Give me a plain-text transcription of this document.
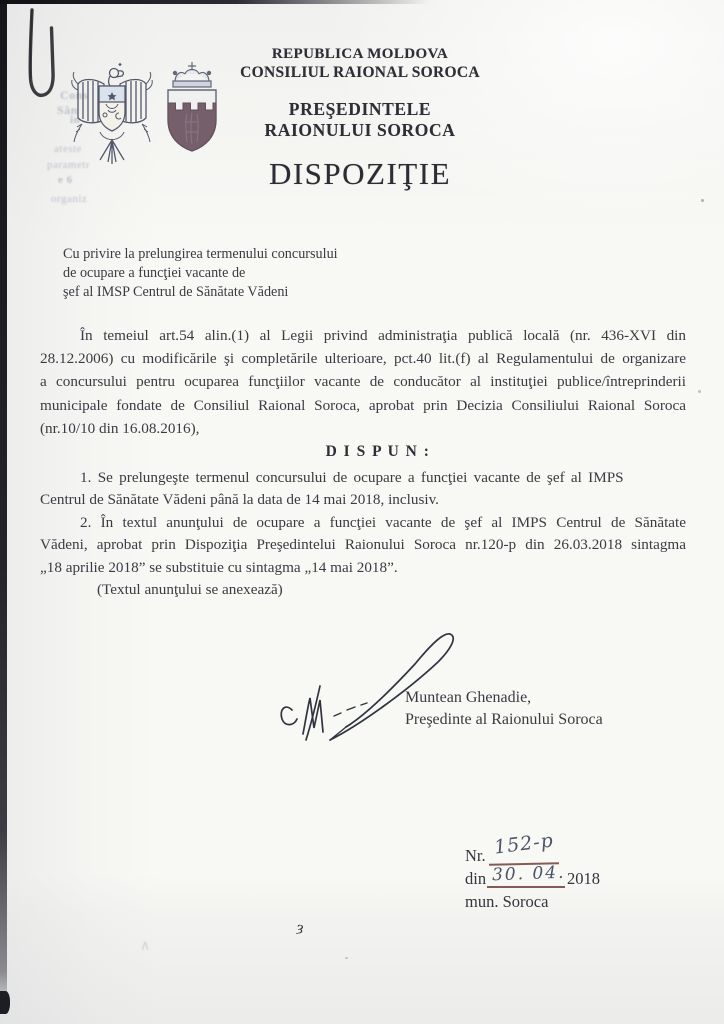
Cons
Săn
în
ateste
parametr
e 6
organiz
REPUBLICA MOLDOVA
CONSILIUL RAIONAL SOROCA
PREŞEDINTELE
RAIONULUI SOROCA
DISPOZIŢIE
Cu privire la prelungirea termenului concursului
de ocupare a funcţiei vacante de
şef al IMSP Centrul de Sănătate Vădeni
În temeiul art.54 alin.(1) al Legii privind administraţia publică locală (nr. 436-XVI din
28.12.2006) cu modificările şi completările ulterioare, pct.40 lit.(f) al Regulamentului de organizare
a concursului pentru ocuparea funcţiilor vacante de conducător al instituţiei publice/întreprinderii
municipale fondate de Consiliul Raional Soroca, aprobat prin Decizia Consiliului Raional Soroca
(nr.10/10 din 16.08.2016),
D I S P U N :
1. Se prelungeşte termenul concursului de ocupare a funcţiei vacante de şef al IMPS
Centrul de Sănătate Vădeni până la data de 14 mai 2018, inclusiv.
2. În textul anunţului de ocupare a funcţiei vacante de şef al IMPS Centrul de Sănătate
Vădeni, aprobat prin Dispoziţia Preşedintelui Raionului Soroca nr.120-p din 26.03.2018 sintagma
„18 aprilie 2018” se substituie cu sintagma „14 mai 2018”.
(Textul anunţului se anexează)
Muntean Ghenadie,
Preşedinte al Raionului Soroca
Nr. 152-p
din 30. 04. 2018
mun. Soroca
ȝ
∧
